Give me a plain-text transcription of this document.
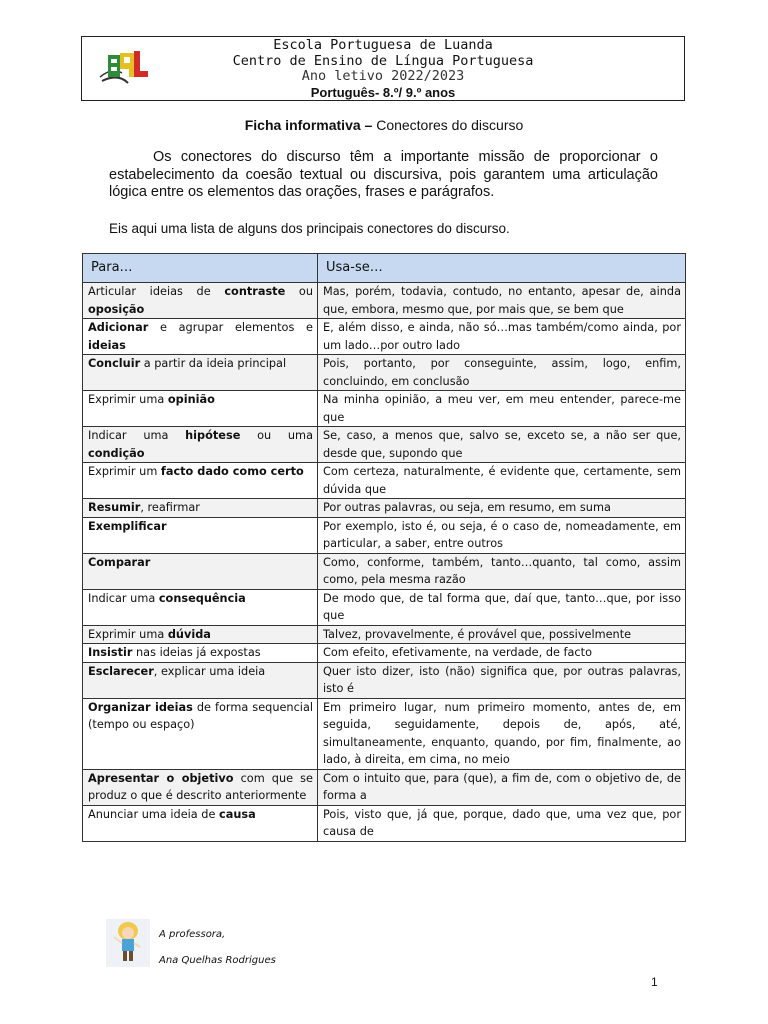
Escola Portuguesa de Luanda
Centro de Ensino de Língua Portuguesa
Ano letivo 2022/2023
Português- 8.º/ 9.º anos
Ficha informativa – Conectores do discurso
Os conectores do discurso têm a importante missão de proporcionar o estabelecimento da coesão textual ou discursiva, pois garantem uma articulação lógica entre os elementos das orações, frases e parágrafos.
Eis aqui uma lista de alguns dos principais conectores do discurso.
Para…	Usa-se…
Articular ideias de contraste ou oposição	Mas, porém, todavia, contudo, no entanto, apesar de, ainda que, embora, mesmo que, por mais que, se bem que
Adicionar e agrupar elementos e ideias	E, além disso, e ainda, não só…mas também/como ainda, por um lado…por outro lado
Concluir a partir da ideia principal	Pois, portanto, por conseguinte, assim, logo, enfim, concluindo, em conclusão
Exprimir uma opinião	Na minha opinião, a meu ver, em meu entender, parece-me que
Indicar uma hipótese ou uma condição	Se, caso, a menos que, salvo se, exceto se, a não ser que, desde que, supondo que
Exprimir um facto dado como certo	Com certeza, naturalmente, é evidente que, certamente, sem dúvida que
Resumir, reafirmar	Por outras palavras, ou seja, em resumo, em suma
Exemplificar	Por exemplo, isto é, ou seja, é o caso de, nomeadamente, em particular, a saber, entre outros
Comparar	Como, conforme, também, tanto…quanto, tal como, assim como, pela mesma razão
Indicar uma consequência	De modo que, de tal forma que, daí que, tanto…que, por isso que
Exprimir uma dúvida	Talvez, provavelmente, é provável que, possivelmente
Insistir nas ideias já expostas	Com efeito, efetivamente, na verdade, de facto
Esclarecer, explicar uma ideia	Quer isto dizer, isto (não) significa que, por outras palavras, isto é
Organizar ideias de forma sequencial (tempo ou espaço)	Em primeiro lugar, num primeiro momento, antes de, em seguida, seguidamente, depois de, após, até, simultaneamente, enquanto, quando, por fim, finalmente, ao lado, à direita, em cima, no meio
Apresentar o objetivo com que se produz o que é descrito anteriormente	Com o intuito que, para (que), a fim de, com o objetivo de, de forma a
Anunciar uma ideia de causa	Pois, visto que, já que, porque, dado que, uma vez que, por causa de
A professora,
Ana Quelhas Rodrigues
1
